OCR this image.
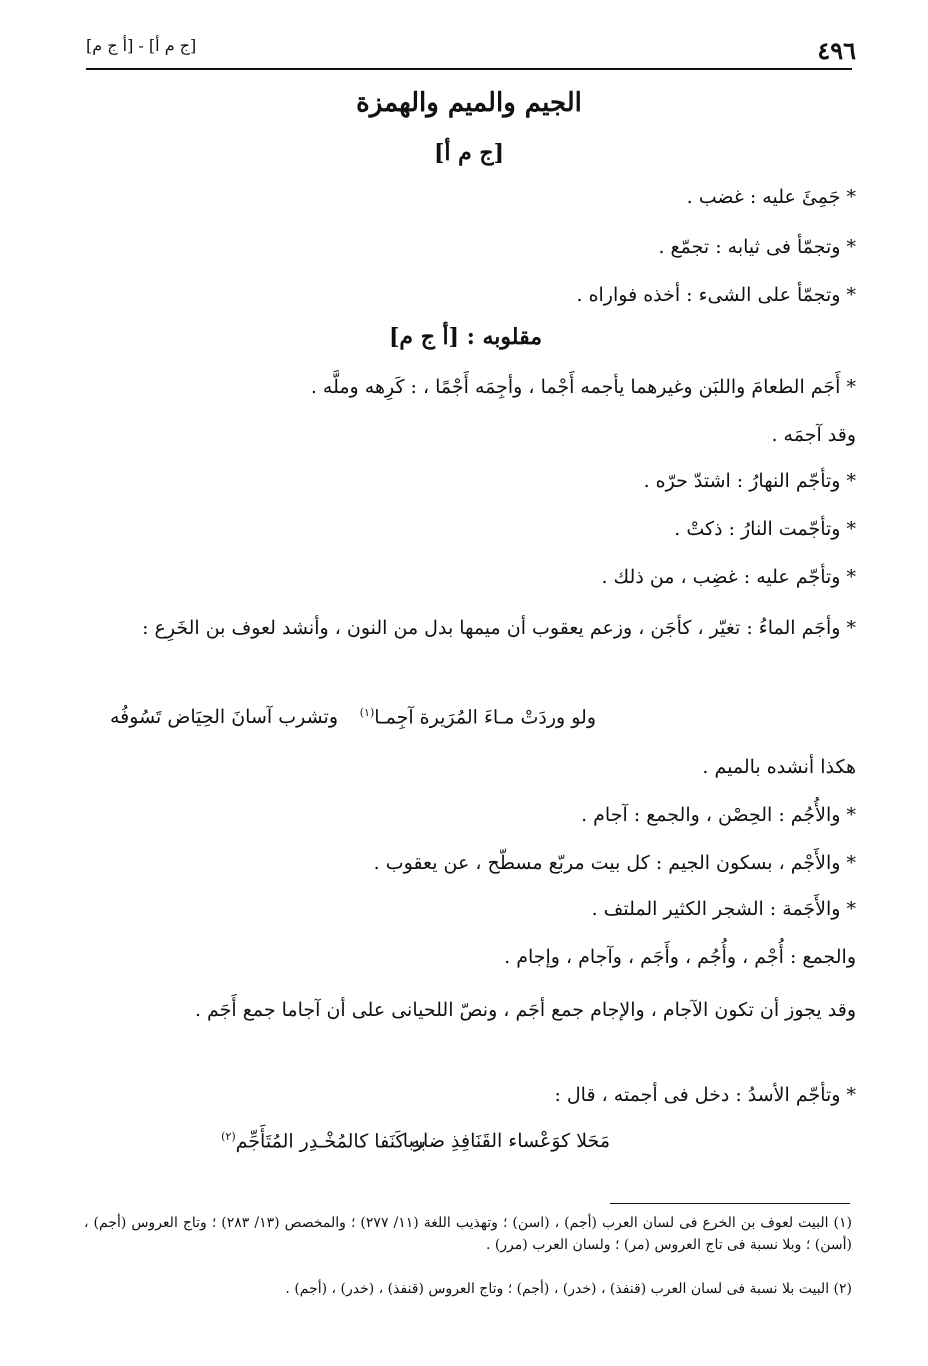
٤٩٦
[ج م أ] - [أ ج م]
الجيم والميم والهمزة
[ج م أ]
* جَمِئَ عليه : غضب .
* وتجمّأ فى ثيابه : تجمّع .
* وتجمّأ على الشىء : أخذه فواراه .
مقلوبه : [أ ج م]
* أَجَم الطعامَ واللبَن وغيرهما يأجمه أَجْما ، وأجِمَه أَجْمًا ، : كَرِهه وملَّه .
وقد آجمَه .
* وتأجّم النهارُ : اشتدّ حرّه .
* وتأجّمت النارُ : ذكتْ .
* وتأجّم عليه : غضِب ، من ذلك .
* وأجَم الماءُ : تغيّر ، كأجَن ، وزعم يعقوب أن ميمها بدل من النون ، وأنشد لعوف بن الخَرِع :
ولو وردَتْ مـاءَ المُرَيرة آجِمـا$^{(١)}$
وتشرب آسانَ الحِيَاض تَسُوفُه
هكذا أنشده بالميم .
* والأُجُم : الحِصْن ، والجمع : آجام .
* والأَجْم ، بسكون الجيم : كل بيت مربّع مسطّح ، عن يعقوب .
* والأَجَمة : الشجر الكثير الملتف .
والجمع : أُجْم ، وأُجُم ، وأَجَم ، وآجام ، وإجام .
وقد يجوز أن تكون الآجام ، والإجام جمع أجَم ، ونصّ اللحيانى على أن آجاما جمع أَجَم .
* وتأجّم الأسدُ : دخل فى أجمته ، قال :
مَحَلا كوَعْساء القَنَافِذِ ضاربا
به كَنَفا كالمُخْـدِر المُتَأَجِّم$^{(٢)}$
(١) البيت لعوف بن الخرع فى لسان العرب (أجم) ، (اسن) ؛ وتهذيب اللغة (١١/ ٢٧٧) ؛ والمخصص (١٣/ ٢٨٣) ؛ وتاج العروس (أجم) ، (أسن) ؛ وبلا نسبة فى تاج العروس (مر) ؛ ولسان العرب (مرر) .
(٢) البيت بلا نسبة فى لسان العرب (قنفذ) ، (خدر) ، (أجم) ؛ وتاج العروس (قنفذ) ، (خدر) ، (أجم) .
